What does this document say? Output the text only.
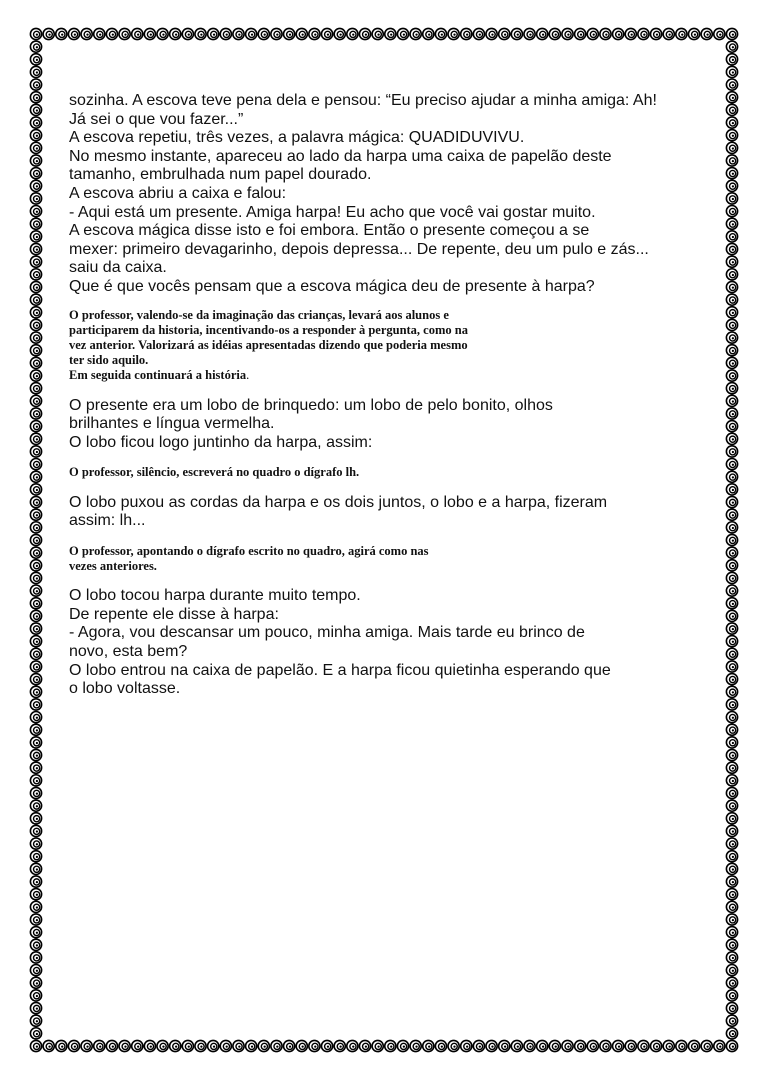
sozinha. A escova teve pena dela e pensou: “Eu preciso ajudar a minha amiga: Ah!

Já sei o que vou fazer...”

A escova repetiu, três vezes, a palavra mágica: QUADIDUVIVU.

No mesmo instante, apareceu ao lado da harpa uma caixa de papelão deste

tamanho, embrulhada num papel dourado.

A escova abriu a caixa e falou:

- Aqui está um presente. Amiga harpa! Eu acho que você vai gostar muito.

A escova mágica disse isto e foi embora. Então o presente começou a se

mexer: primeiro devagarinho, depois depressa... De repente, deu um pulo e zás...

saiu da caixa.

Que é que vocês pensam que a escova mágica deu de presente à harpa?

O professor, valendo-se da imaginação das crianças, levará aos alunos e

participarem da historia, incentivando-os a responder à pergunta, como na

vez anterior. Valorizará as idéias apresentadas dizendo que poderia mesmo

ter sido aquilo.

Em seguida continuará a história.

O presente era um lobo de brinquedo: um lobo de pelo bonito, olhos

brilhantes e língua vermelha.

O lobo ficou logo juntinho da harpa, assim:

O professor, silêncio, escreverá no quadro o dígrafo lh.

O lobo puxou as cordas da harpa e os dois juntos, o lobo e a harpa, fizeram

assim: lh...

O professor, apontando o dígrafo escrito no quadro, agirá como nas

vezes anteriores.

O lobo tocou harpa durante muito tempo.

De repente ele disse à harpa:

- Agora, vou descansar um pouco, minha amiga. Mais tarde eu brinco de

novo, esta bem?

O lobo entrou na caixa de papelão. E a harpa ficou quietinha esperando que

o lobo voltasse.
